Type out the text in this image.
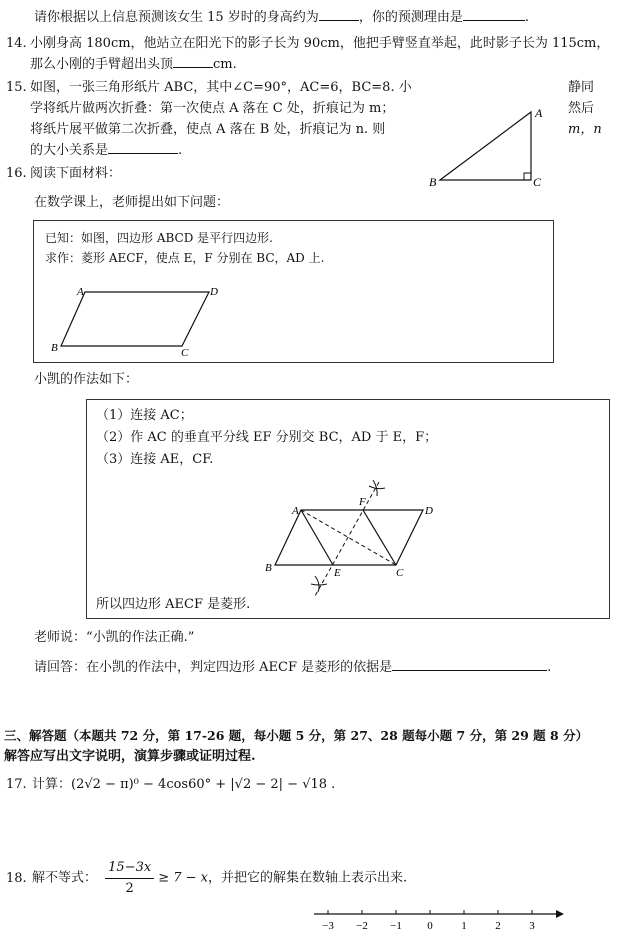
请你根据以上信息预测该女生 15 岁时的身高约为	，你的预测理由是	.
14. 小刚身高 180cm，他站立在阳光下的影子长为 90cm，他把手臂竖直举起，此时影子长为 115cm，
那么小刚的手臂超出头顶	cm.
15. 如图，一张三角形纸片 ABC，其中∠C=90°，AC=6，BC=8. 小
学将纸片做两次折叠：第一次使点 A 落在 C 处，折痕记为 m；
将纸片展平做第二次折叠，使点 A 落在 B 处，折痕记为 n. 则
的大小关系是	.
静同
然后
m，n
A
B	C
16. 阅读下面材料：
在数学课上，老师提出如下问题：
已知：如图，四边形 ABCD 是平行四边形.
求作：菱形 AECF，使点 E，F 分别在 BC，AD 上.
A	D
B	C
小凯的作法如下：
（1）连接 AC；
（2）作 AC 的垂直平分线 EF 分别交 BC，AD 于 E，F；
（3）连接 AE，CF.
A
F
D
B	E	C
所以四边形 AECF 是菱形.
老师说：“小凯的作法正确.”
请回答：在小凯的作法中，判定四边形 AECF 是菱形的依据是	.
三、解答题（本题共 72 分，第 17-26 题，每小题 5 分，第 27、28 题每小题 7 分，第 29 题 8 分）
解答应写出文字说明，演算步骤或证明过程.
17. 计算：(2√2 − π)⁰ − 4cos60° + |√2 − 2| − √18 .
18. 解不等式： $\frac{15-3x}{2} \ge 7 - x$，并把它的解集在数轴上表示出来.
−3 −2 −1 0	1	2	3
